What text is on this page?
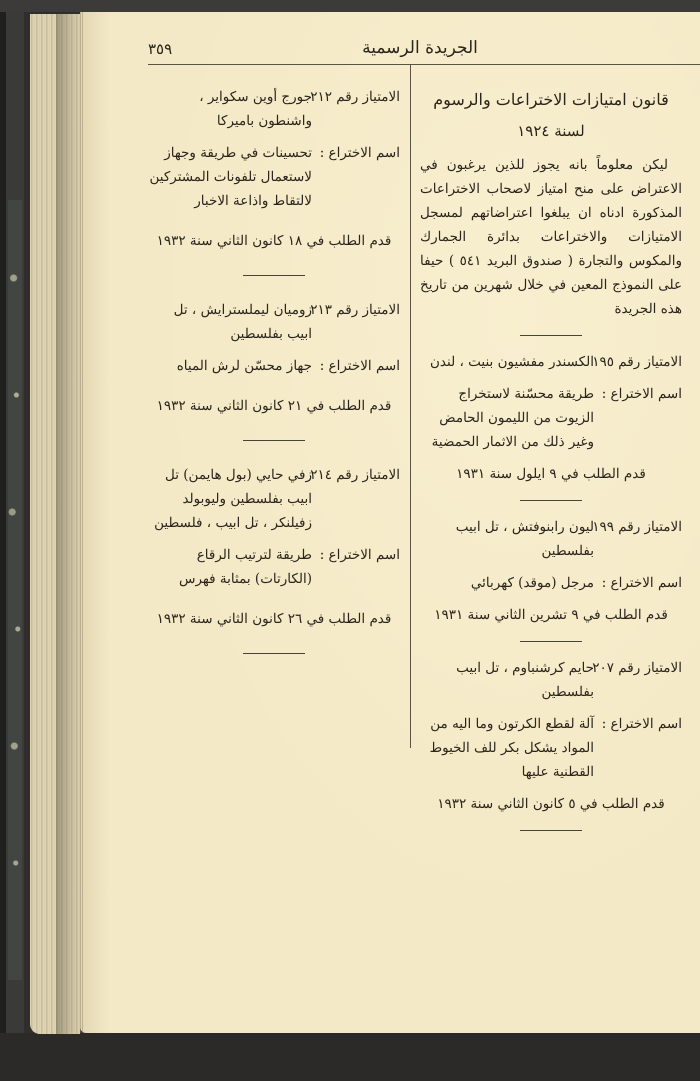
٣٥٩	الجريدة الرسمية
قانون امتيازات الاختراعات والرسوم
لسنة ١٩٢٤
ليكن معلوماً بانه يجوز للذين يرغبون في الاعتراض على منح امتياز لاصحاب الاختراعات المذكورة ادناه ان يبلغوا اعتراضاتهم لمسجل الامتيازات والاختراعات بدائرة الجمارك والمكوس والتجارة ( صندوق البريد ٥٤١ ) حيفا على النموذج المعين في خلال شهرين من تاريخ هذه الجريدة
الامتياز رقم ١٩٥
الكسندر مفشيون بنيت ، لندن
اسم الاختراع :
طريقة محسّنة لاستخراج الزيوت من الليمون الحامض وغير ذلك من الاثمار الحمضية
قدم الطلب في ٩ ايلول سنة ١٩٣١
الامتياز رقم ١٩٩
ليون رابنوفتش ، تل ابيب بفلسطين
اسم الاختراع :
مرجل (موقد) كهربائي
قدم الطلب في ٩ تشرين الثاني سنة ١٩٣١
الامتياز رقم ٢٠٧
حايم كرشنباوم ، تل ابيب بفلسطين
اسم الاختراع :
آلة لقطع الكرتون وما اليه من المواد يشكل بكر للف الخيوط القطنية عليها
قدم الطلب في ٥ كانون الثاني سنة ١٩٣٢
الامتياز رقم ٢١٢
جورج أوين سكواير ، واشنطون باميركا
اسم الاختراع :
تحسينات في طريقة وجهاز لاستعمال تلفونات المشتركين لالتقاط واذاعة الاخبار
قدم الطلب في ١٨ كانون الثاني سنة ١٩٣٢
الامتياز رقم ٢١٣
زوميان ليملسترايش ، تل ابيب بفلسطين
اسم الاختراع :
جهاز محسّن لرش المياه
قدم الطلب في ٢١ كانون الثاني سنة ١٩٣٢
الامتياز رقم ٢١٤
زفي حايي (بول هايمن) تل ابيب بفلسطين وليوبولد زفيلنكر ، تل ابيب ، فلسطين
اسم الاختراع :
طريقة لترتيب الرقاع (الكارتات) بمثابة فهرس
قدم الطلب في ٢٦ كانون الثاني سنة ١٩٣٢
